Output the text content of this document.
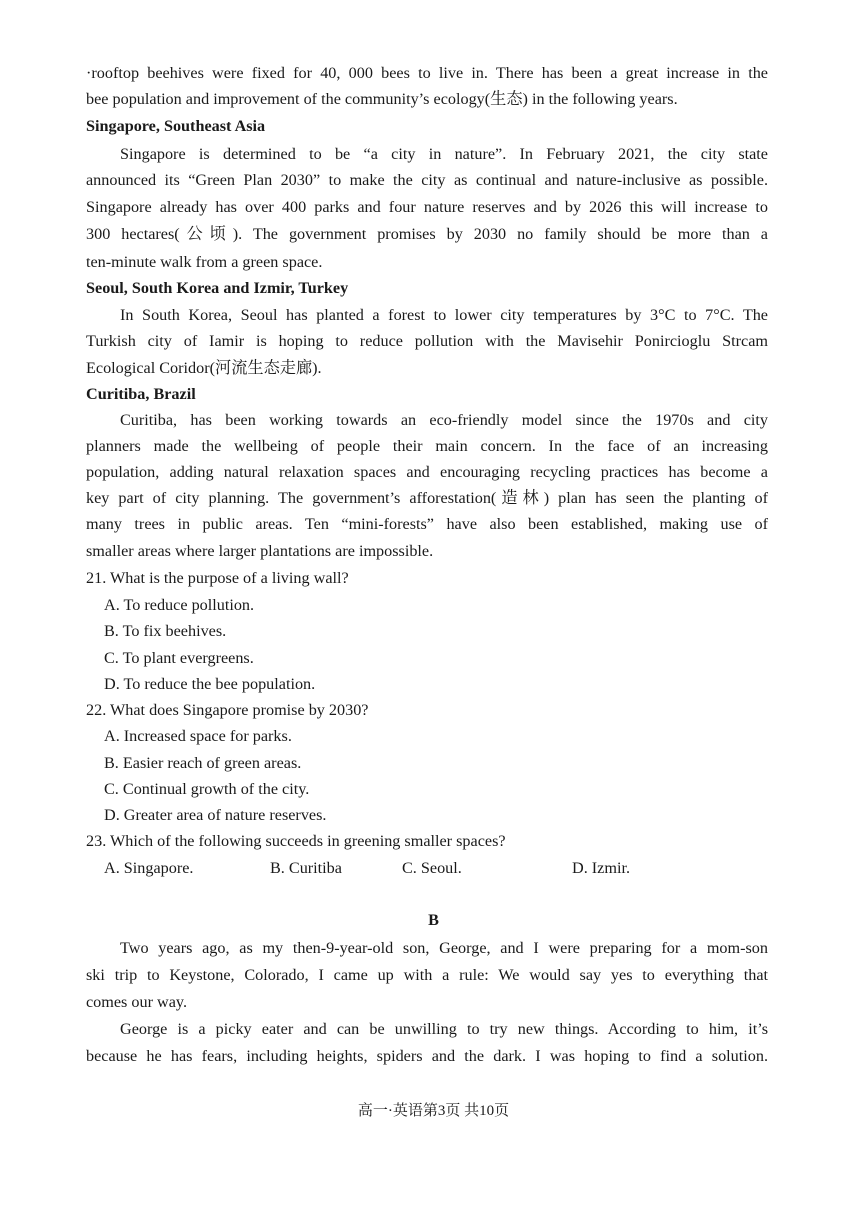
·rooftop beehives were fixed for 40, 000 bees to live in. There has been a great increase in the
bee population and improvement of the community’s ecology(生态) in the following years.
Singapore, Southeast Asia
Singapore is determined to be “a city in nature”. In February 2021, the city state
announced its “Green Plan 2030” to make the city as continual and nature-inclusive as possible.
Singapore already has over 400 parks and four nature reserves and by 2026 this will increase to
300 hectares(公顷). The government promises by 2030 no family should be more than a
ten-minute walk from a green space.
Seoul, South Korea and Izmir, Turkey
In South Korea, Seoul has planted a forest to lower city temperatures by 3°C to 7°C. The
Turkish city of Iamir is hoping to reduce pollution with the Mavisehir Ponircioglu Strcam
Ecological Coridor(河流生态走廊).
Curitiba, Brazil
Curitiba, has been working towards an eco-friendly model since the 1970s and city
planners made the wellbeing of people their main concern. In the face of an increasing
population, adding natural relaxation spaces and encouraging recycling practices has become a
key part of city planning. The government’s afforestation(造林) plan has seen the planting of
many trees in public areas. Ten “mini-forests” have also been established, making use of
smaller areas where larger plantations are impossible.
21. What is the purpose of a living wall?
A. To reduce pollution.
B. To fix beehives.
C. To plant evergreens.
D. To reduce the bee population.
22. What does Singapore promise by 2030?
A. Increased space for parks.
B. Easier reach of green areas.
C. Continual growth of the city.
D. Greater area of nature reserves.
23. Which of the following succeeds in greening smaller spaces?
A. Singapore.	B. Curitiba	C. Seoul.	D. Izmir.
B
Two years ago, as my then-9-year-old son, George, and I were preparing for a mom-son
ski trip to Keystone, Colorado, I came up with a rule: We would say yes to everything that
comes our way.
George is a picky eater and can be unwilling to try new things. According to him, it’s
because he has fears, including heights, spiders and the dark. I was hoping to find a solution.
高一·英语第3页 共10页
